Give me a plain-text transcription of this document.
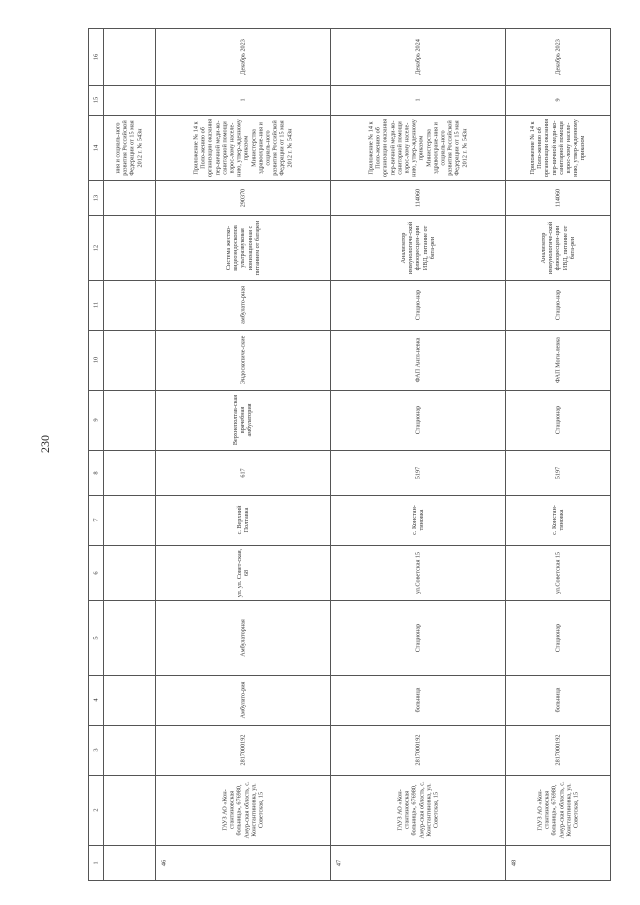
230
1
2
3
4
5
6
7
8
9
10
11
12
13
14
15
16
ния и социаль-ного развития Российской Федерации от 15 мая 2012 г. № 543н
46
ГАУЗ АО «Кон-стантиновская больница», 676980, Амур-ская область, с. Константиновка, ул. Советская, 15
2817000192
Амбулато-рия
Амбулаторная
ул. ул. Совет-ская, 68
с. Верхний Полтавка
617
Верхнеполтав-ская врачебная амбулатория
Эндоскопиче-ские
амбулато-рная
Система жестко-видеоэндоскопов ультразвуковая ионизационная с питанием от батареи
290370
Приложение № 14 к Поло-жению об организации оказания пер-вичной меди-ко-санитарной помощи взрос-лому населе-нию, утвер-жденному приказом Министерства здравоохране-ния и социаль-ного развития Российской Федерации от 15 мая 2012 г. № 543н
1
Декабрь 2023
47
ГАУЗ АО «Кон-стантиновская больница», 676980, Амур-ская область, с. Константиновка, ул. Советская, 15
2817000192
больница
Стационар
ул.Советская 15
с. Констан-тиновка
5197
Стационар
ФАП Англ-невка
Стацио-нар
Анализатор иммунологиче-ской флюоресцен-ции ИВД, питание от бата-реи
114060
Приложение № 14 к Поло-жению об организации оказания пер-вичной меди-ко-санитарной помощи взрос-лому населе-нию, утвер-жденному приказом Министерства здравоохране-ния и социаль-ного развития Российской Федерации от 15 мая 2012 г. № 543н
1
Декабрь 2024
48
ГАУЗ АО «Кон-стантиновская больница», 676980, Амур-ская область, с. Константиновка, ул. Советская, 15
2817000192
больница
Стационар
ул.Советская 15
с. Констан-тиновка
5197
Стационар
ФАП Моги-левка
Стацио-нар
Анализатор иммунологиче-ской флюоресцен-ции ИВД, питание от бата-реи
114060
Приложение № 14 к Поло-жению об организации оказания пер-вичной меди-ко-санитарной помощи взрос-лому населе-нию, утвер-жденному приказом
9
Декабрь 2023
